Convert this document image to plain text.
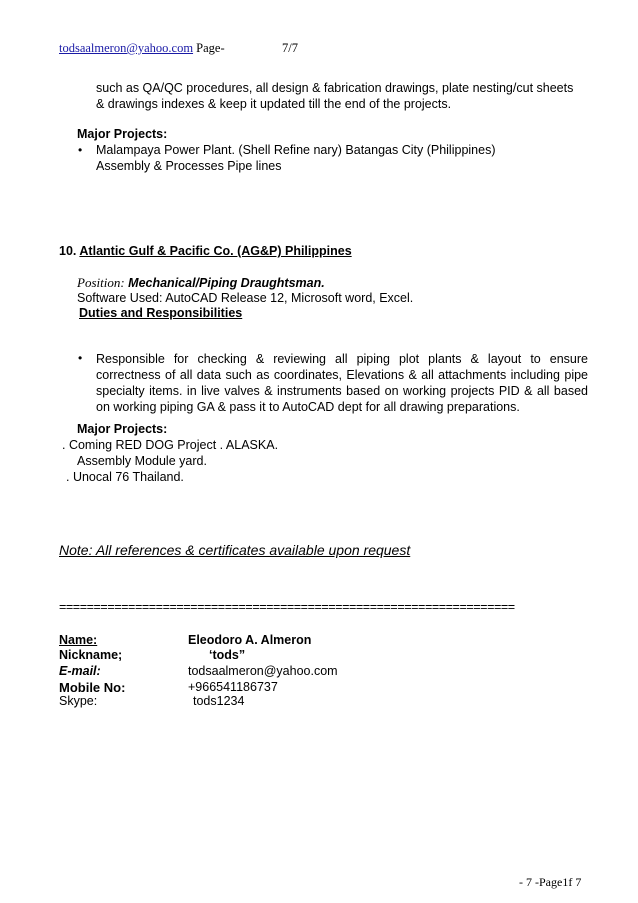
todsaalmeron@yahoo.com Page-	7/7
such as QA/QC procedures, all design & fabrication drawings, plate nesting/cut sheets
& drawings indexes & keep it updated till the end of the projects.
Major Projects:
• Malampaya Power Plant. (Shell Refine nary) Batangas City (Philippines)
Assembly & Processes Pipe lines
10. Atlantic Gulf & Pacific Co. (AG&P) Philippines
Position: Mechanical/Piping Draughtsman.
Software Used: AutoCAD Release 12, Microsoft word, Excel.
Duties and Responsibilities
• Responsible for checking & reviewing all piping plot plants & layout to ensure correctness of all data such as coordinates, Elevations & all attachments including pipe specialty items. in live valves & instruments based on working projects PID & all based on working piping GA & pass it to AutoCAD dept for all drawing preparations.
Major Projects:
. Coming RED DOG Project . ALASKA.
Assembly Module yard.
. Unocal 76 Thailand.
Note: All references & certificates available upon request
==================================================================
Name:	Eleodoro A. Almeron
Nickname;	‘tods”
E-mail:	todsaalmeron@yahoo.com
Mobile No:	+966541186737
Skype:	tods1234
- 7 -Page1f 7
